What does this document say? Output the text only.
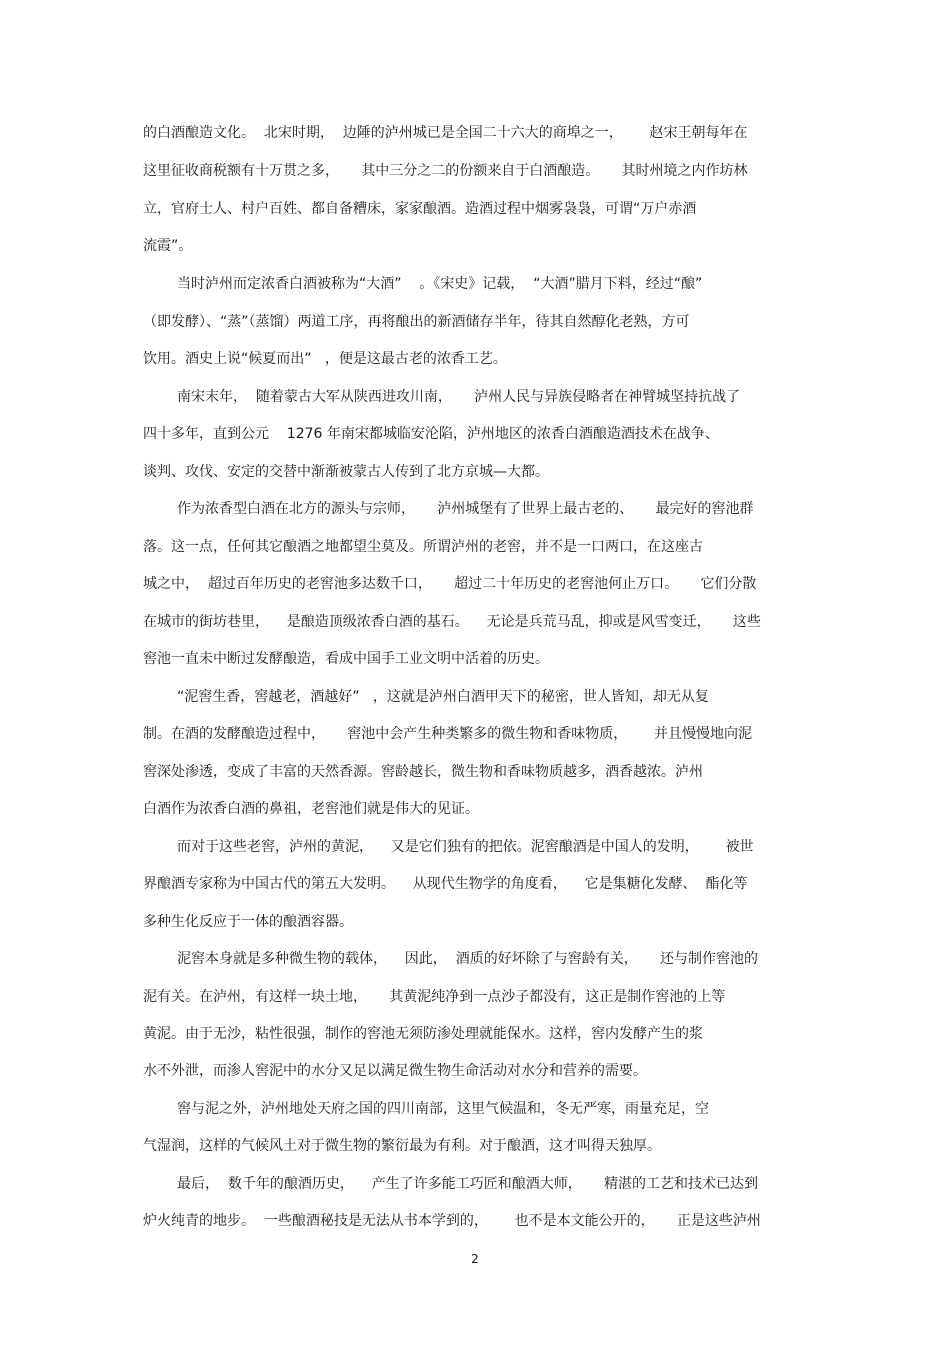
的白酒酿造文化。  北宋时期，  边陲的泸州城已是全国二十六大的商埠之一，      赵宋王朝每年在
这里征收商税额有十万贯之多，     其中三分之二的份额来自于白酒酿造。     其时州境之内作坊林
立，官府士人、村户百姓、都自备糟床，家家酿酒。造酒过程中烟雾袅袅，可谓“万户赤酒
流霞”。
当时泸州而定浓香白酒被称为“大酒”    。《宋史》记载，  “大酒”腊月下料，经过“酿”
（即发酵）、“蒸”（蒸馏）两道工序，再将酿出的新酒储存半年，待其自然醇化老熟，方可
饮用。酒史上说“候夏而出”   ，便是这最古老的浓香工艺。
南宋末年，  随着蒙古大军从陕西进攻川南，     泸州人民与异族侵略者在神臂城坚持抗战了
四十多年，直到公元    1276 年南宋都城临安沦陷，泸州地区的浓香白酒酿造酒技术在战争、
谈判、攻伐、安定的交替中渐渐被蒙古人传到了北方京城—大都。
作为浓香型白酒在北方的源头与宗师，     泸州城堡有了世界上最古老的、     最完好的窖池群
落。这一点，任何其它酿酒之地都望尘莫及。所谓泸州的老窖，并不是一口两口，在这座古
城之中，  超过百年历史的老窖池多达数千口，     超过二十年历史的老窖池何止万口。     它们分散
在城市的街坊巷里，    是酿造顶级浓香白酒的基石。    无论是兵荒马乱，抑或是风雪变迁，     这些
窖池一直未中断过发酵酿造，看成中国手工业文明中活着的历史。
“泥窖生香，窖越老，酒越好”   ，这就是泸州白酒甲天下的秘密，世人皆知，却无从复
制。在酒的发酵酿造过程中，     窖池中会产生种类繁多的微生物和香味物质，      并且慢慢地向泥
窖深处渗透，变成了丰富的天然香源。窖龄越长，微生物和香味物质越多，酒香越浓。泸州
白酒作为浓香白酒的鼻祖，老窖池们就是伟大的见证。
而对于这些老窖，泸州的黄泥，    又是它们独有的把依。泥窖酿酒是中国人的发明，      被世
界酿酒专家称为中国古代的第五大发明。    从现代生物学的角度看，    它是集糖化发酵、  酯化等
多种生化反应于一体的酿酒容器。
泥窖本身就是多种微生物的载体，    因此，  酒质的好坏除了与窖龄有关，     还与制作窖池的
泥有关。在泸州，有这样一块土地，     其黄泥纯净到一点沙子都没有，这正是制作窖池的上等
黄泥。由于无沙，粘性很强，制作的窖池无须防渗处理就能保水。这样，窖内发酵产生的浆
水不外泄，而渗人窖泥中的水分又足以满足微生物生命活动对水分和营养的需要。
窖与泥之外，泸州地处天府之国的四川南部，这里气候温和，冬无严寒，雨量充足，空
气湿润，这样的气候风土对于微生物的繁衍最为有利。对于酿酒，这才叫得天独厚。
最后，  数千年的酿酒历史，    产生了许多能工巧匠和酿酒大师，     精湛的工艺和技术已达到
炉火纯青的地步。  一些酿酒秘技是无法从书本学到的，      也不是本文能公开的，     正是这些泸州
2
